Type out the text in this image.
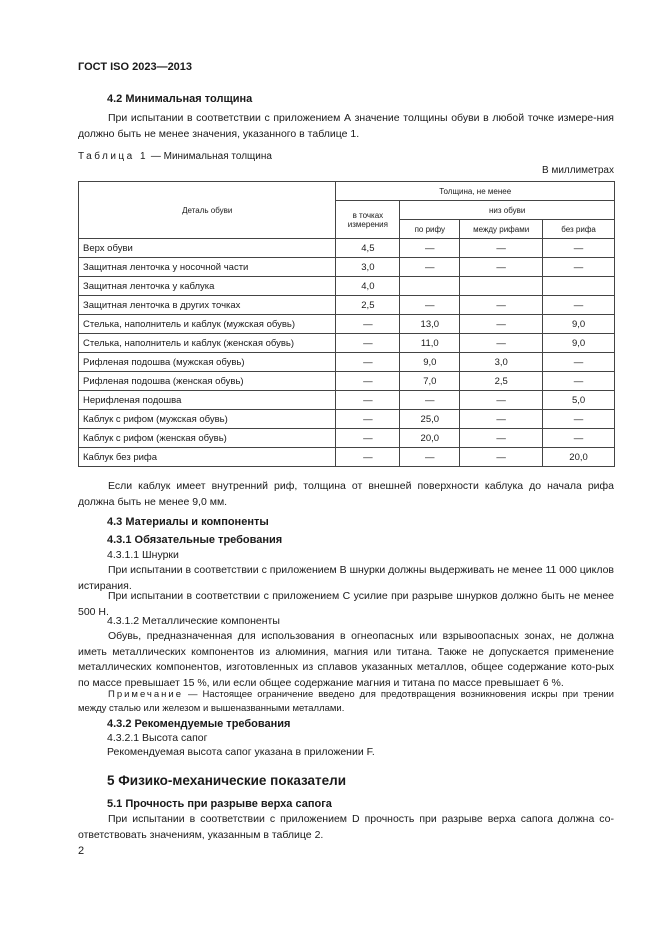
ГОСТ ISO 2023—2013
4.2 Минимальная толщина
При испытании в соответствии с приложением А значение толщины обуви в любой точке измере-ния должно быть не менее значения, указанного в таблице 1.
Таблица 1 — Минимальная толщина
В миллиметрах
Деталь обуви	Толщина, не менее			
	в точках измерения	низ обуви		
		по рифу	между рифами	без рифа
Верх обуви	4,5	—	—	—
Защитная ленточка у носочной части	3,0	—	—	—
Защитная ленточка у каблука	4,0			
Защитная ленточка в других точках	2,5	—	—	—
Стелька, наполнитель и каблук (мужская обувь)	—	13,0	—	9,0
Стелька, наполнитель и каблук (женская обувь)	—	11,0	—	9,0
Рифленая подошва (мужская обувь)	—	9,0	3,0	—
Рифленая подошва (женская обувь)	—	7,0	2,5	—
Нерифленая подошва	—	—	—	5,0
Каблук с рифом (мужская обувь)	—	25,0	—	—
Каблук с рифом (женская обувь)	—	20,0	—	—
Каблук без рифа	—	—	—	20,0
Если каблук имеет внутренний риф, толщина от внешней поверхности каблука до начала рифа должна быть не менее 9,0 мм.
4.3 Материалы и компоненты
4.3.1 Обязательные требования
4.3.1.1 Шнурки
При испытании в соответствии с приложением В шнурки должны выдерживать не менее 11 000 циклов истирания.
При испытании в соответствии с приложением С усилие при разрыве шнурков должно быть не менее 500 Н.
4.3.1.2 Металлические компоненты
Обувь, предназначенная для использования в огнеопасных или взрывоопасных зонах, не должна иметь металлических компонентов из алюминия, магния или титана. Также не допускается применение металлических компонентов, изготовленных из сплавов указанных металлов, общее содержание кото-рых по массе превышает 15 %, или если общее содержание магния и титана по массе превышает 6 %.
Примечание — Настоящее ограничение введено для предотвращения возникновения искры при трении между сталью или железом и вышеназванными металлами.
4.3.2 Рекомендуемые требования
4.3.2.1 Высота сапог
Рекомендуемая высота сапог указана в приложении F.
5 Физико-механические показатели
5.1 Прочность при разрыве верха сапога
При испытании в соответствии с приложением D прочность при разрыве верха сапога должна со-ответствовать значениям, указанным в таблице 2.
2
